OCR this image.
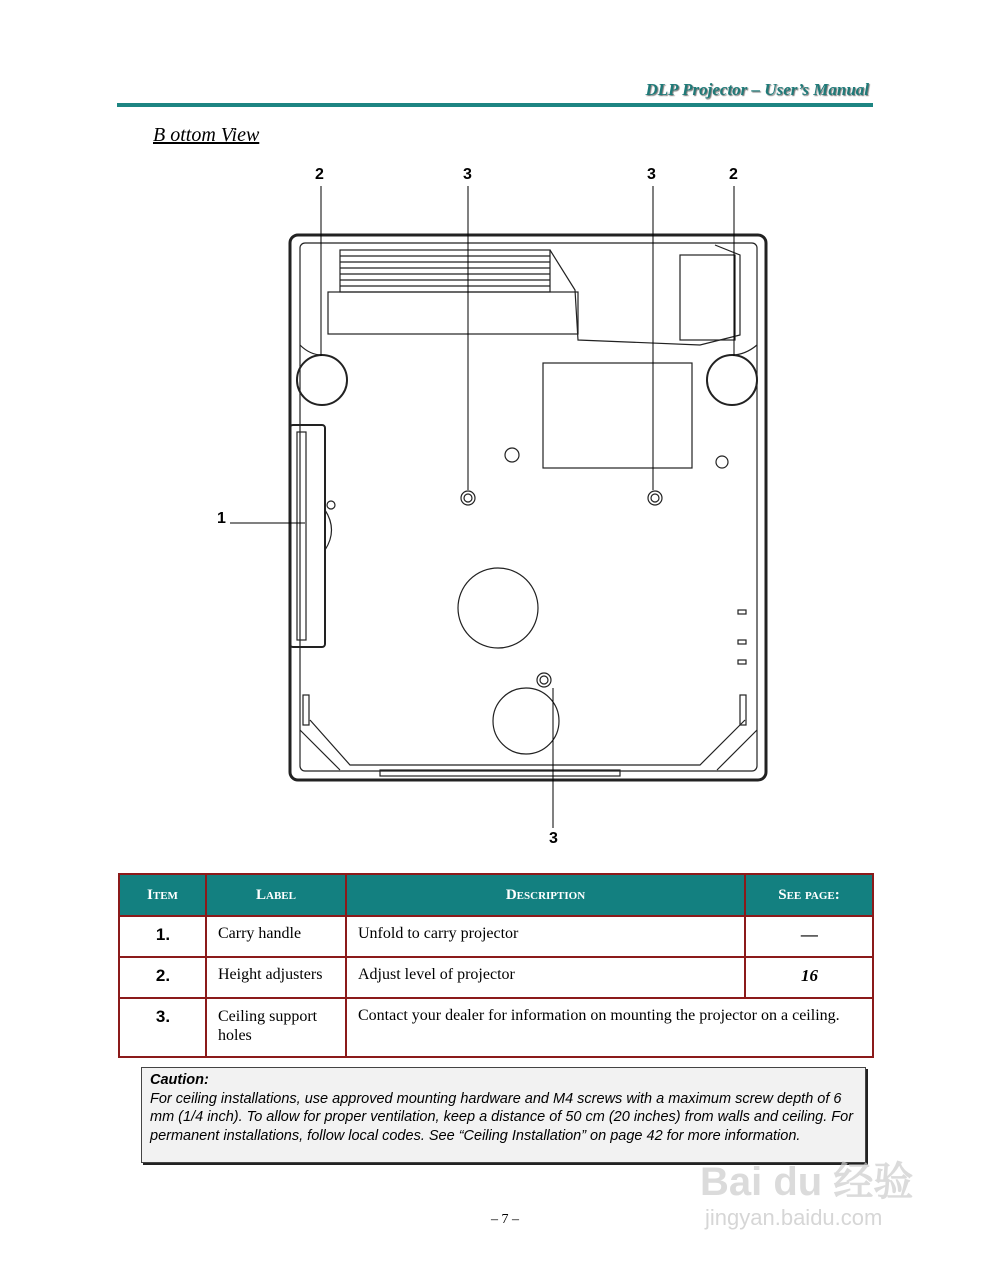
DLP Projector – User’s Manual
B ottom View
2	3	3	2
1
3
Item	Label	Description	See page:
1.	Carry handle	Unfold to carry projector	—
2.	Height adjusters	Adjust level of projector	16
3.	Ceiling support holes	Contact your dealer for information on mounting the projector on a ceiling.	
Caution:
For ceiling installations, use approved mounting hardware and M4 screws with a maximum screw depth of 6 mm (1/4 inch). To allow for proper ventilation, keep a distance of 50 cm (20 inches) from walls and ceiling. For permanent installations, follow local codes. See “Ceiling Installation” on page 42 for more information.
– 7 –
Bai du 经验
jingyan.baidu.com
